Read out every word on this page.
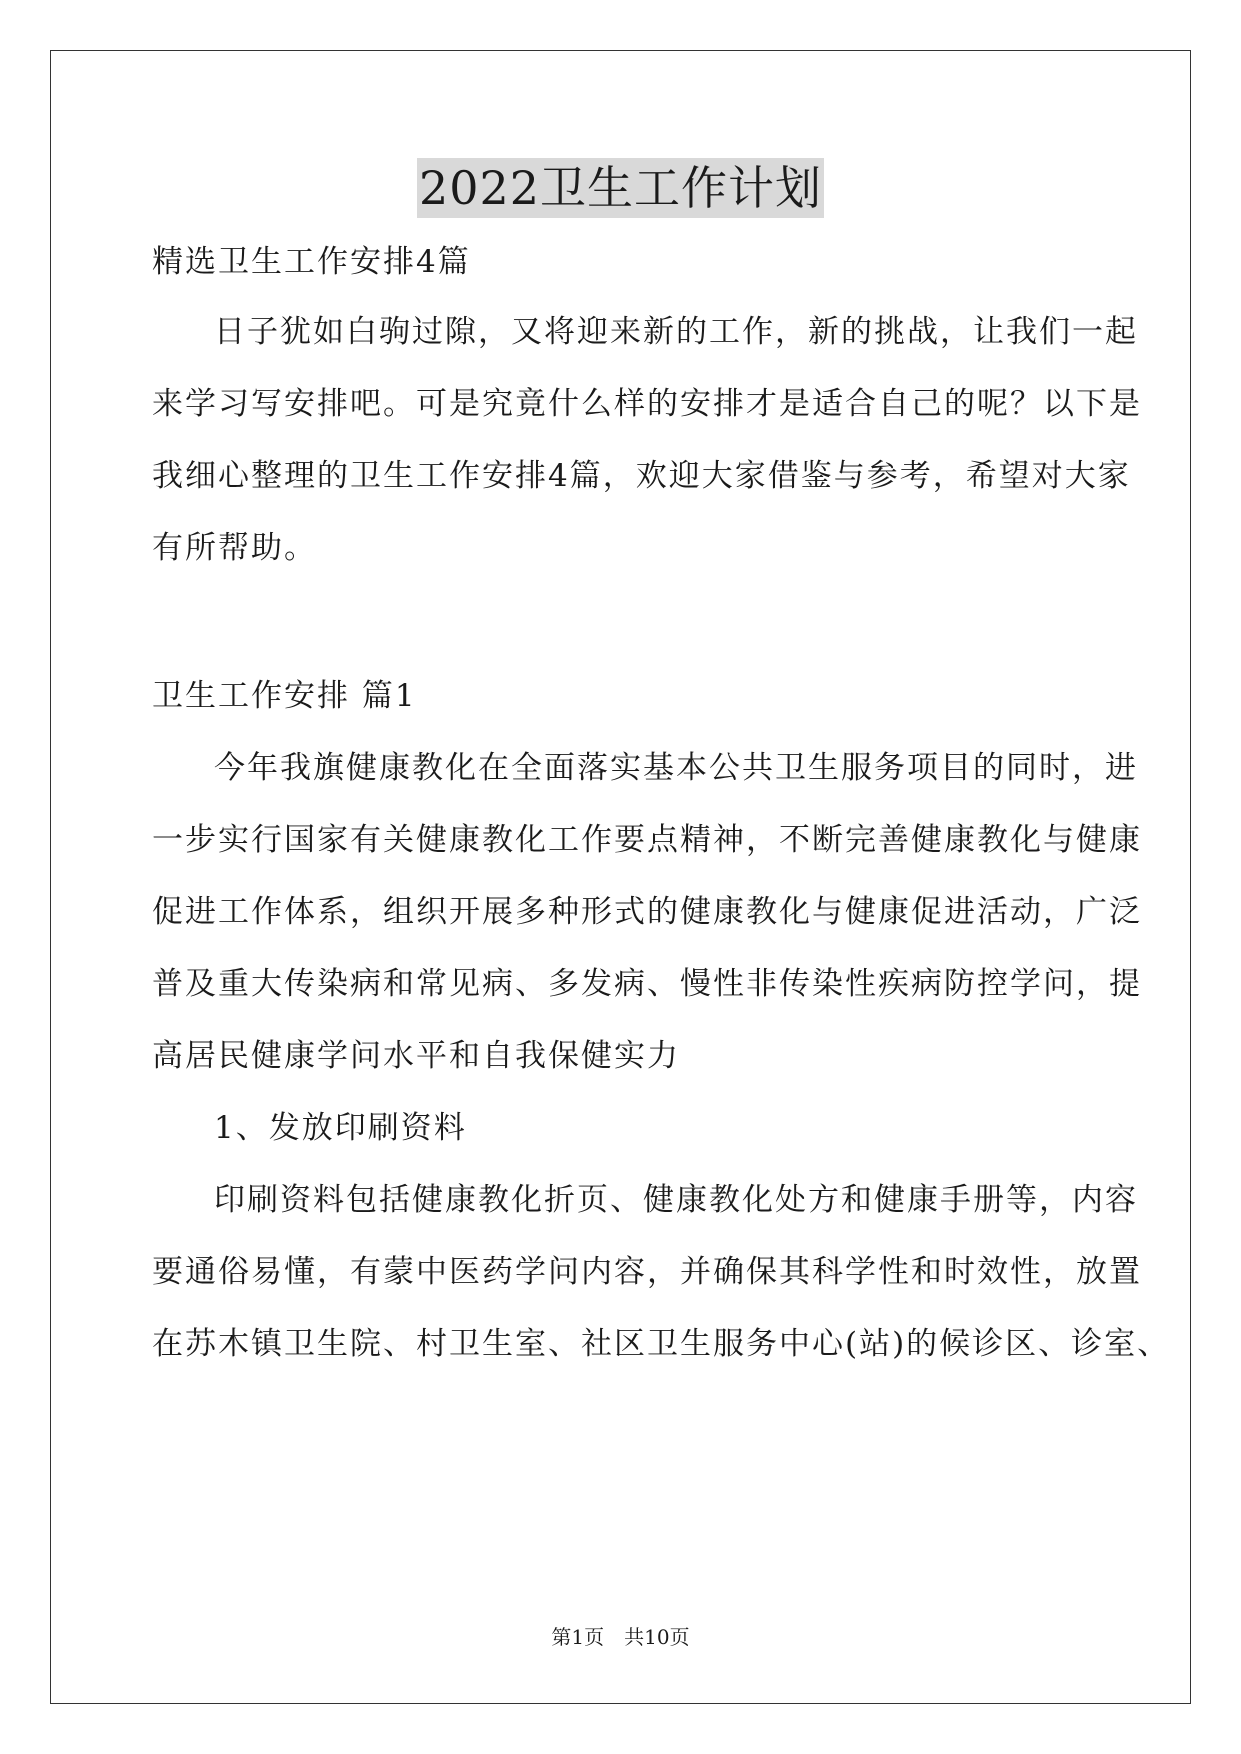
2022卫生工作计划
精选卫生工作安排4篇
日子犹如白驹过隙，又将迎来新的工作，新的挑战，让我们一起
来学习写安排吧。可是究竟什么样的安排才是适合自己的呢？以下是
我细心整理的卫生工作安排4篇，欢迎大家借鉴与参考，希望对大家
有所帮助。
卫生工作安排 篇1
今年我旗健康教化在全面落实基本公共卫生服务项目的同时，进
一步实行国家有关健康教化工作要点精神，不断完善健康教化与健康
促进工作体系，组织开展多种形式的健康教化与健康促进活动，广泛
普及重大传染病和常见病、多发病、慢性非传染性疾病防控学问，提
高居民健康学问水平和自我保健实力
1、发放印刷资料
印刷资料包括健康教化折页、健康教化处方和健康手册等，内容
要通俗易懂，有蒙中医药学问内容，并确保其科学性和时效性，放置
在苏木镇卫生院、村卫生室、社区卫生服务中心(站)的候诊区、诊室、
第1页　共10页
